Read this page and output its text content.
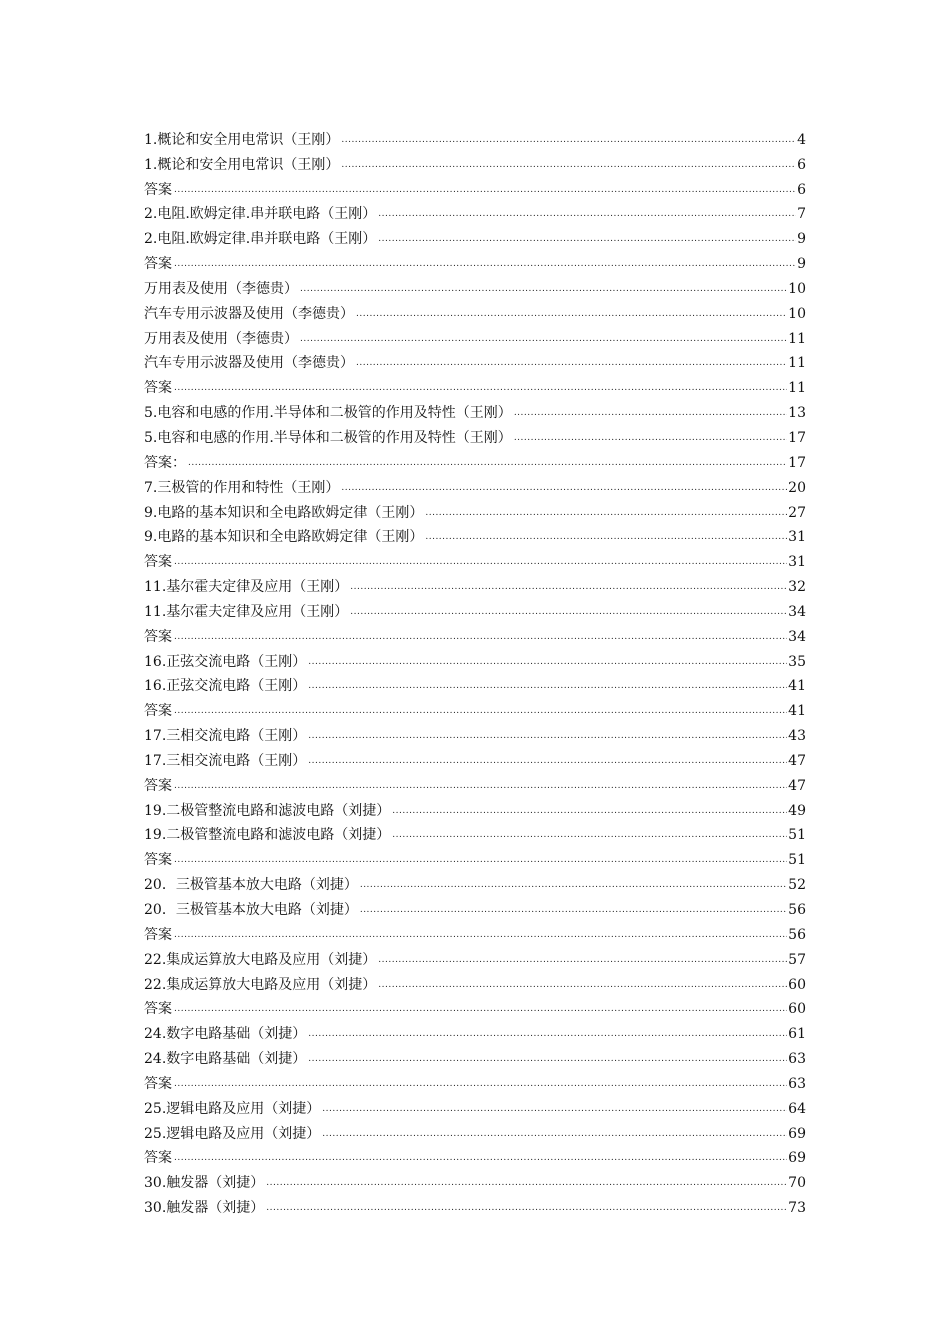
1.概论和安全用电常识（王刚） .....	4
1.概论和安全用电常识（王刚） .....	6
答案 .....	6
2.电阻.欧姆定律.串并联电路（王刚） .....	7
2.电阻.欧姆定律.串并联电路（王刚） .....	9
答案 .....	9
万用表及使用（李德贵） .....	10
汽车专用示波器及使用（李德贵） .....	10
万用表及使用（李德贵） .....	11
汽车专用示波器及使用（李德贵） .....	11
答案 .....	11
5.电容和电感的作用.半导体和二极管的作用及特性（王刚） .....	13
5.电容和电感的作用.半导体和二极管的作用及特性（王刚） .....	17
答案： .....	17
7.三极管的作用和特性（王刚） .....	20
9.电路的基本知识和全电路欧姆定律（王刚） .....	27
9.电路的基本知识和全电路欧姆定律（王刚） .....	31
答案 .....	31
11.基尔霍夫定律及应用（王刚） .....	32
11.基尔霍夫定律及应用（王刚） .....	34
答案 .....	34
16.正弦交流电路（王刚） .....	35
16.正弦交流电路（王刚） .....	41
答案 .....	41
17.三相交流电路（王刚） .....	43
17.三相交流电路（王刚） .....	47
答案 .....	47
19.二极管整流电路和滤波电路（刘捷） .....	49
19.二极管整流电路和滤波电路（刘捷） .....	51
答案 .....	51
20．三极管基本放大电路（刘捷） .....	52
20．三极管基本放大电路（刘捷） .....	56
答案 .....	56
22.集成运算放大电路及应用（刘捷） .....	57
22.集成运算放大电路及应用（刘捷） .....	60
答案 .....	60
24.数字电路基础（刘捷） .....	61
24.数字电路基础（刘捷） .....	63
答案 .....	63
25.逻辑电路及应用（刘捷） .....	64
25.逻辑电路及应用（刘捷） .....	69
答案 .....	69
30.触发器（刘捷） .....	70
30.触发器（刘捷） .....	73
